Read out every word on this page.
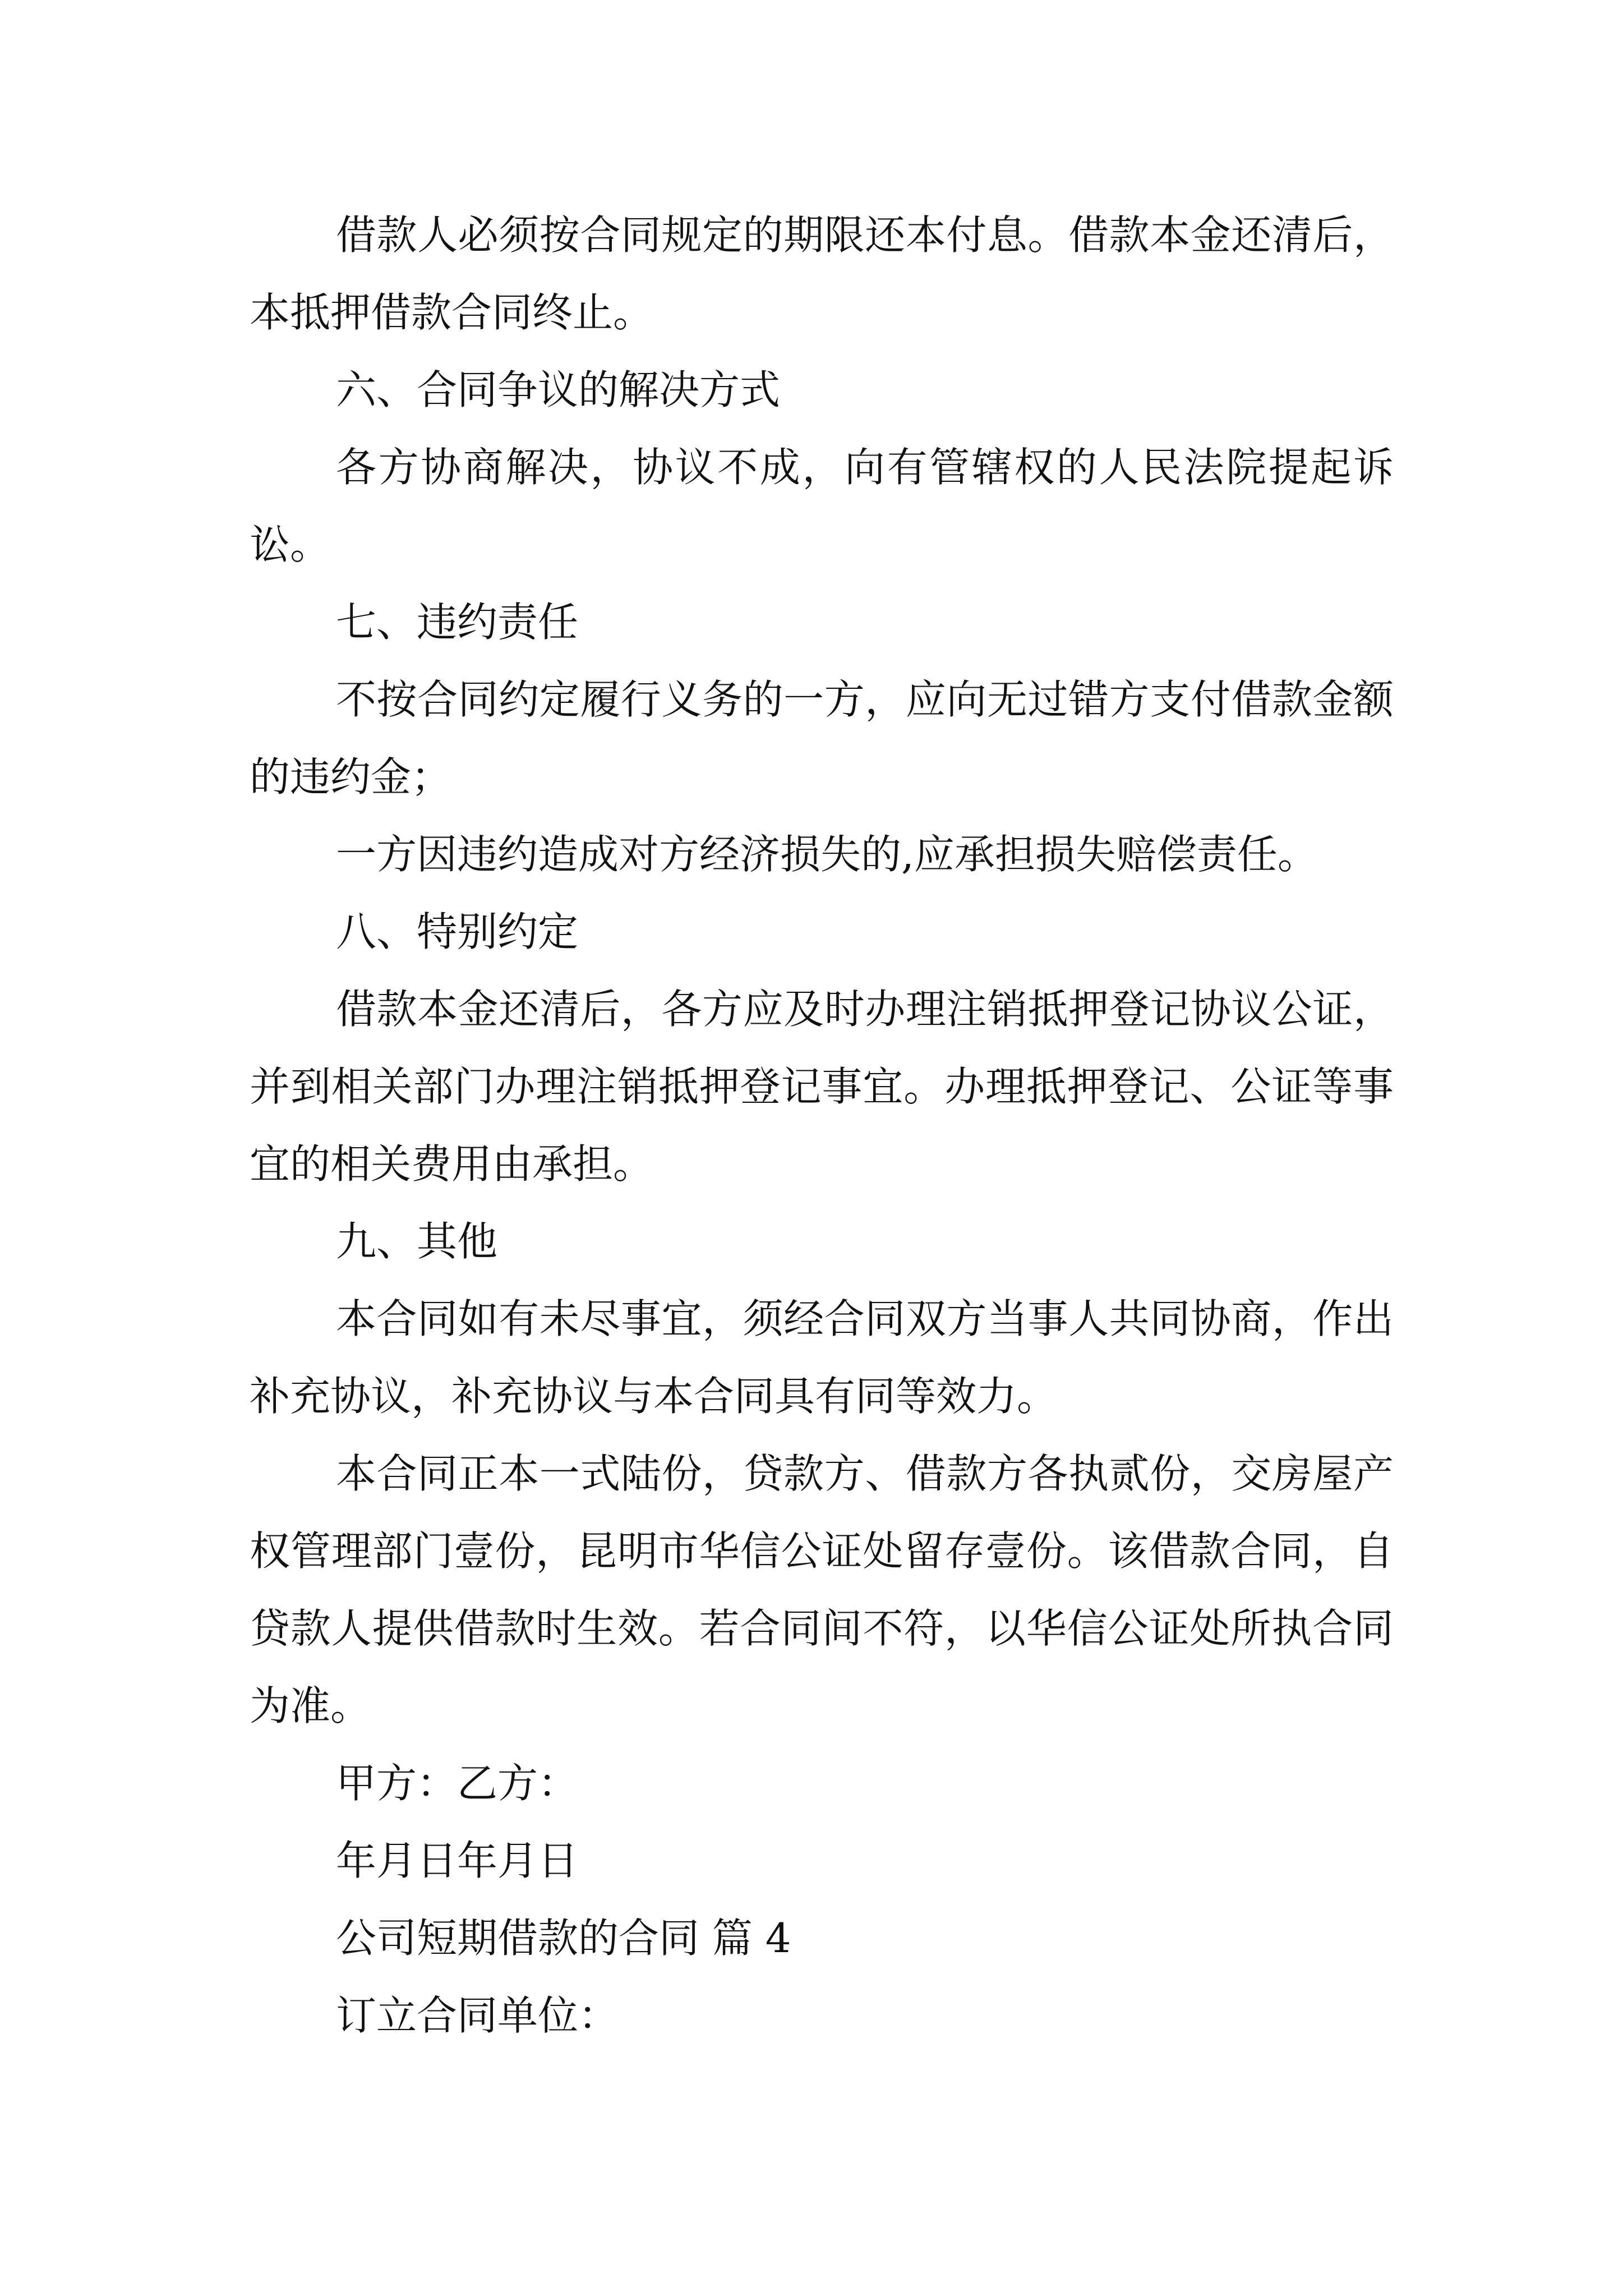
借款人必须按合同规定的期限还本付息。借款本金还清后，本抵押借款合同终止。

六、合同争议的解决方式

各方协商解决，协议不成，向有管辖权的人民法院提起诉讼。

七、违约责任

不按合同约定履行义务的一方，应向无过错方支付借款金额的违约金；

一方因违约造成对方经济损失的,应承担损失赔偿责任。

八、特别约定

借款本金还清后，各方应及时办理注销抵押登记协议公证，并到相关部门办理注销抵押登记事宜。办理抵押登记、公证等事宜的相关费用由承担。

九、其他

本合同如有未尽事宜，须经合同双方当事人共同协商，作出补充协议，补充协议与本合同具有同等效力。

本合同正本一式陆份，贷款方、借款方各执贰份，交房屋产权管理部门壹份，昆明市华信公证处留存壹份。该借款合同，自贷款人提供借款时生效。若合同间不符，以华信公证处所执合同为准。

甲方：乙方：

年月日年月日

公司短期借款的合同 篇 4

订立合同单位：
